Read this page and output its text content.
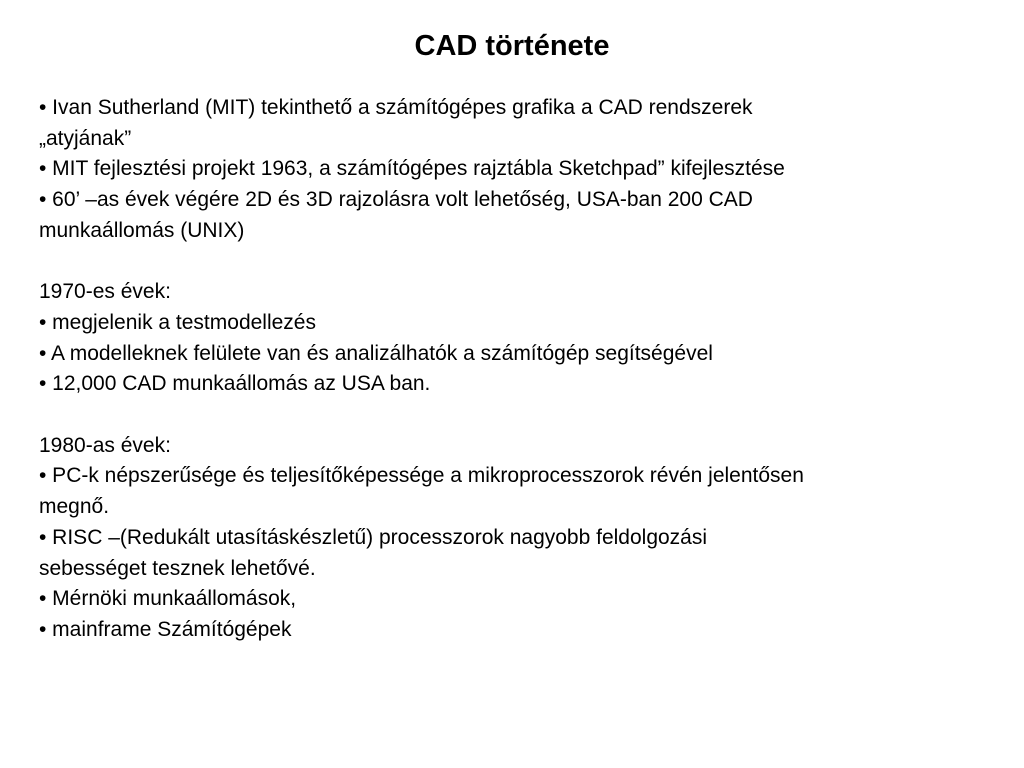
CAD története
• Ivan Sutherland (MIT) tekinthető a számítógépes grafika a CAD rendszerek
„atyjának”
• MIT fejlesztési projekt 1963, a számítógépes rajztábla Sketchpad” kifejlesztése
• 60’ –as évek végére 2D és 3D rajzolásra volt lehetőség, USA-ban 200 CAD
munkaállomás (UNIX)
1970-es évek:
• megjelenik a testmodellezés
• A modelleknek felülete van és analizálhatók a számítógép segítségével
• 12,000 CAD munkaállomás az USA ban.
1980-as évek:
• PC-k népszerűsége és teljesítőképessége a mikroprocesszorok révén jelentősen
megnő.
• RISC –(Redukált utasításkészletű) processzorok nagyobb feldolgozási
sebességet tesznek lehetővé.
• Mérnöki munkaállomások,
• mainframe Számítógépek
